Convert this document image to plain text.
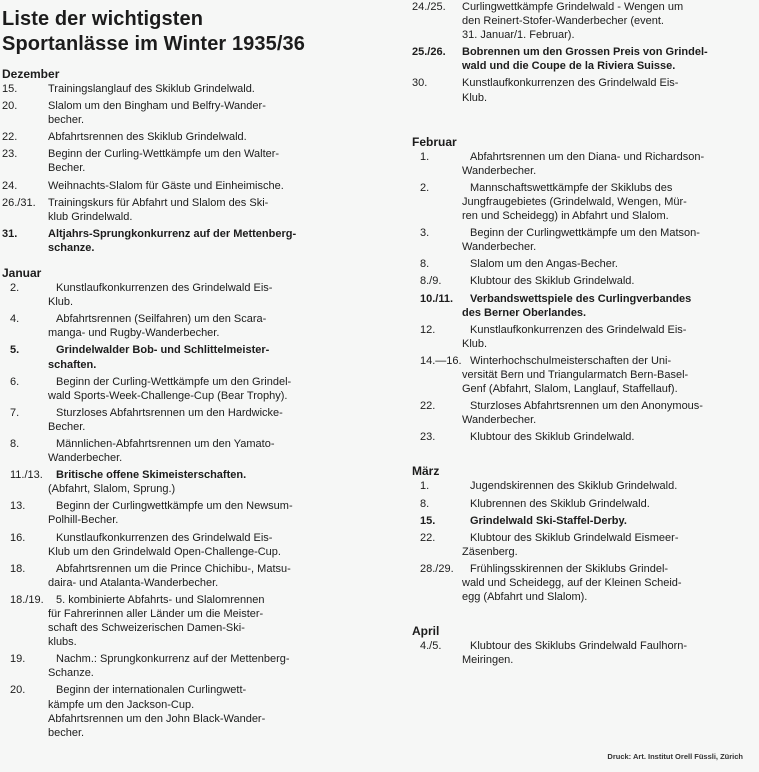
Liste der wichtigsten
Sportanlässe im Winter 1935/36
Dezember
15.	Trainingslanglauf des Skiklub Grindelwald.
20.	Slalom um den Bingham und Belfry-Wander-
becher.
22.	Abfahrtsrennen des Skiklub Grindelwald.
23.	Beginn der Curling-Wettkämpfe um den Walter-
Becher.
24.	Weihnachts-Slalom für Gäste und Einheimische.
26./31.	Trainingskurs für Abfahrt und Slalom des Ski-
klub Grindelwald.
31.	Altjahrs-Sprungkonkurrenz auf der Mettenberg-
schanze.
Januar
2.	Kunstlaufkonkurrenzen des Grindelwald Eis-
Klub.
4.	Abfahrtsrennen (Seilfahren) um den Scara-
manga- und Rugby-Wanderbecher.
5.	Grindelwalder Bob- und Schlittelmeister-
schaften.
6.	Beginn der Curling-Wettkämpfe um den Grindel-
wald Sports-Week-Challenge-Cup (Bear Trophy).
7.	Sturzloses Abfahrtsrennen um den Hardwicke-
Becher.
8.	Männlichen-Abfahrtsrennen um den Yamato-
Wanderbecher.
11./13.	Britische offene Skimeisterschaften.
(Abfahrt, Slalom, Sprung.)
13.	Beginn der Curlingwettkämpfe um den Newsum-
Polhill-Becher.
16.	Kunstlaufkonkurrenzen des Grindelwald Eis-
Klub um den Grindelwald Open-Challenge-Cup.
18.	Abfahrtsrennen um die Prince Chichibu-, Matsu-
daira- und Atalanta-Wanderbecher.
18./19.	5. kombinierte Abfahrts- und Slalomrennen
für Fahrerinnen aller Länder um die Meister-
schaft des Schweizerischen Damen-Ski-
klubs.
19.	Nachm.: Sprungkonkurrenz auf der Mettenberg-
Schanze.
20.	Beginn der internationalen Curlingwett-
kämpfe um den Jackson-Cup.
Abfahrtsrennen um den John Black-Wander-
becher.
24./25.	Curlingwettkämpfe Grindelwald - Wengen um
den Reinert-Stofer-Wanderbecher (event.
31. Januar/1. Februar).
25./26.	Bobrennen um den Grossen Preis von Grindel-
wald und die Coupe de la Riviera Suisse.
30.	Kunstlaufkonkurrenzen des Grindelwald Eis-
Klub.
Februar
1.	Abfahrtsrennen um den Diana- und Richardson-
Wanderbecher.
2.	Mannschaftswettkämpfe der Skiklubs des
Jungfraugebietes (Grindelwald, Wengen, Mür-
ren und Scheidegg) in Abfahrt und Slalom.
3.	Beginn der Curlingwettkämpfe um den Matson-
Wanderbecher.
8.	Slalom um den Angas-Becher.
8./9.	Klubtour des Skiklub Grindelwald.
10./11.	Verbandswettspiele des Curlingverbandes
des Berner Oberlandes.
12.	Kunstlaufkonkurrenzen des Grindelwald Eis-
Klub.
14.—16. Winterhochschulmeisterschaften der Uni-
versität Bern und Triangularmatch Bern-Basel-
Genf (Abfahrt, Slalom, Langlauf, Staffellauf).
22.	Sturzloses Abfahrtsrennen um den Anonymous-
Wanderbecher.
23.	Klubtour des Skiklub Grindelwald.
März
1.	Jugendskirennen des Skiklub Grindelwald.
8.	Klubrennen des Skiklub Grindelwald.
15.	Grindelwald Ski-Staffel-Derby.
22.	Klubtour des Skiklub Grindelwald Eismeer-
Zäsenberg.
28./29.	Frühlingsskirennen der Skiklubs Grindel-
wald und Scheidegg, auf der Kleinen Scheid-
egg (Abfahrt und Slalom).
April
4./5.	Klubtour des Skiklubs Grindelwald Faulhorn-
Meiringen.
Druck: Art. Institut Orell Füssli, Zürich
